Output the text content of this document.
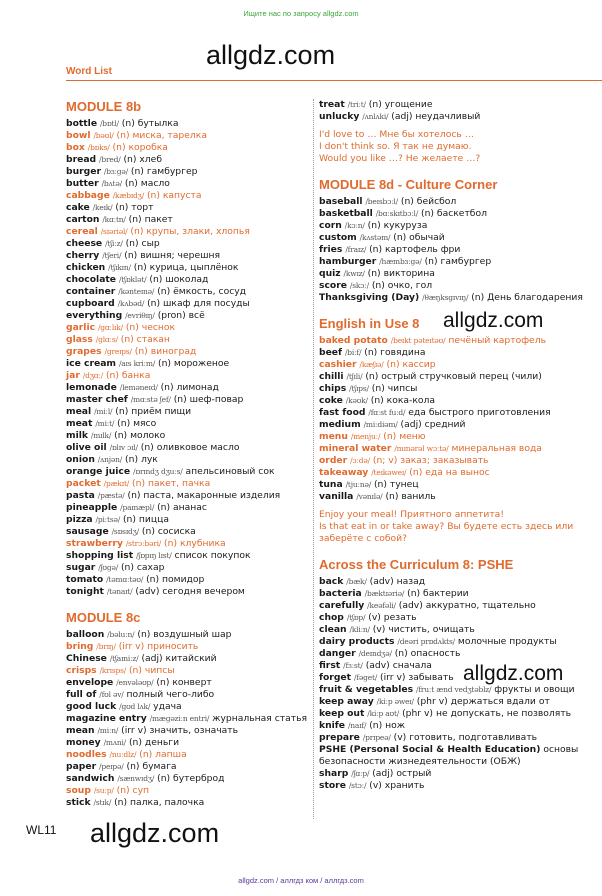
Ищите нас по запросу allgdz.com
allgdz.com
Word List
MODULE 8b
bottle /bɒtl/ (n) бутылка
bowl /bəʊl/ (n) миска, тарелка
box /bɒks/ (n) коробка
bread /bred/ (n) хлеб
burger /bɜːgə/ (n) гамбургер
butter /bʌtə/ (n) масло
cabbage /kæbɪdʒ/ (n) капуста
cake /keɪk/ (n) торт
carton /kɑːtn/ (n) пакет
cereal /sɪəriəl/ (n) крупы, злаки, хлопья
cheese /tʃiːz/ (n) сыр
cherry /tʃeri/ (n) вишня; черешня
chicken /tʃɪkɪn/ (n) курица, цыплёнок
chocolate /tʃɒklət/ (n) шоколад
container /kənteɪnə/ (n) ёмкость, сосуд
cupboard /kʌbəd/ (n) шкаф для посуды
everything /evriθɪŋ/ (pron) всё
garlic /gɑːlɪk/ (n) чеснок
glass /glɑːs/ (n) стакан
grapes /greɪps/ (n) виноград
ice cream /aɪs kriːm/ (n) мороженое
jar /dʒɑː/ (n) банка
lemonade /leməneɪd/ (n) лимонад
master chef /mɑːstə ʃef/ (n) шеф-повар
meal /miːl/ (n) приём пищи
meat /miːt/ (n) мясо
milk /mɪlk/ (n) молоко
olive oil /ɒlɪv ɔɪl/ (n) оливковое масло
onion /ʌnjən/ (n) лук
orange juice /ɒrɪndʒ dʒuːs/ апельсиновый сок
packet /pækɪt/ (n) пакет, пачка
pasta /pæstə/ (n) паста, макаронные изделия
pineapple /paɪnæpl/ (n) ананас
pizza /piːtsə/ (n) пицца
sausage /sɒsɪdʒ/ (n) сосиска
strawberry /strɔːbəri/ (n) клубника
shopping list /ʃɒpɪŋ lɪst/ список покупок
sugar /ʃʊgə/ (n) сахар
tomato /təmɑːtəʊ/ (n) помидор
tonight /tənaɪt/ (adv) сегодня вечером
MODULE 8c
balloon /bəluːn/ (n) воздушный шар
bring /brɪŋ/ (irr v) приносить
Chinese /tʃaɪniːz/ (adj) китайский
crisps /krɪsps/ (n) чипсы
envelope /envələʊp/ (n) конверт
full of /fʊl əv/ полный чего-либо
good luck /gʊd lʌk/ удача
magazine entry /mægəziːn entri/ журнальная статья
mean /miːn/ (irr v) значить, означать
money /mʌni/ (n) деньги
noodles /nuːdlz/ (n) лапша
paper /peɪpə/ (n) бумага
sandwich /sænwɪdʒ/ (n) бутерброд
soup /suːp/ (n) суп
stick /stɪk/ (n) палка, палочка
treat /triːt/ (n) угощение
unlucky /ʌnlʌki/ (adj) неудачливый
I'd love to … Мне бы хотелось …
I don't think so. Я так не думаю.
Would you like …? Не желаете …?
MODULE 8d - Culture Corner
baseball /beɪsbɔːl/ (n) бейсбол
basketball /bɑːskɪtbɔːl/ (n) баскетбол
corn /kɔːn/ (n) кукуруза
custom /kʌstəm/ (n) обычай
fries /fraɪz/ (n) картофель фри
hamburger /hæmbɜːgə/ (n) гамбургер
quiz /kwɪz/ (n) викторина
score /skɔː/ (n) очко, гол
Thanksgiving (Day) /θæŋksgɪvɪŋ/ (n) День благодарения
English in Use 8
baked potato /beɪkt pəteɪtəʊ/ печёный картофель
beef /biːf/ (n) говядина
cashier /kæʃɪə/ (n) кассир
chilli /tʃɪli/ (n) острый стручковый перец (чили)
chips /tʃɪps/ (n) чипсы
coke /kəʊk/ (n) кока-кола
fast food /fɑːst fuːd/ еда быстрого приготовления
medium /miːdiəm/ (adj) средний
menu /menjuː/ (n) меню
mineral water /mɪnərəl wɔːtə/ минеральная вода
order /ɔːdə/ (n; v) заказ; заказывать
takeaway /teɪkəweɪ/ (n) еда на вынос
tuna /tjuːnə/ (n) тунец
vanilla /vənɪlə/ (n) ваниль
Enjoy your meal! Приятного аппетита!
Is that eat in or take away? Вы будете есть здесь или заберёте с собой?
Across the Curriculum 8: PSHE
back /bæk/ (adv) назад
bacteria /bæktɪəriə/ (n) бактерии
carefully /keəfəli/ (adv) аккуратно, тщательно
chop /tʃɒp/ (v) резать
clean /kliːn/ (v) чистить, очищать
dairy products /deəri prɒdʌkts/ молочные продукты
danger /deɪndʒə/ (n) опасность
first /fɜːst/ (adv) сначала
forget /fəget/ (irr v) забывать
fruit & vegetables /fruːt ænd vedʒtəblz/ фрукты и овощи
keep away /kiːp əweɪ/ (phr v) держаться вдали от
keep out /kiːp aʊt/ (phr v) не допускать, не позволять
knife /naɪf/ (n) нож
prepare /prɪpeə/ (v) готовить, подготавливать
PSHE (Personal Social & Health Education) основы безопасности жизнедеятельности (ОБЖ)
sharp /ʃɑːp/ (adj) острый
store /stɔː/ (v) хранить
allgdz.com
allgdz.com
allgdz.com
WL11
allgdz.com / аллгдз ком / аллгдз.com
